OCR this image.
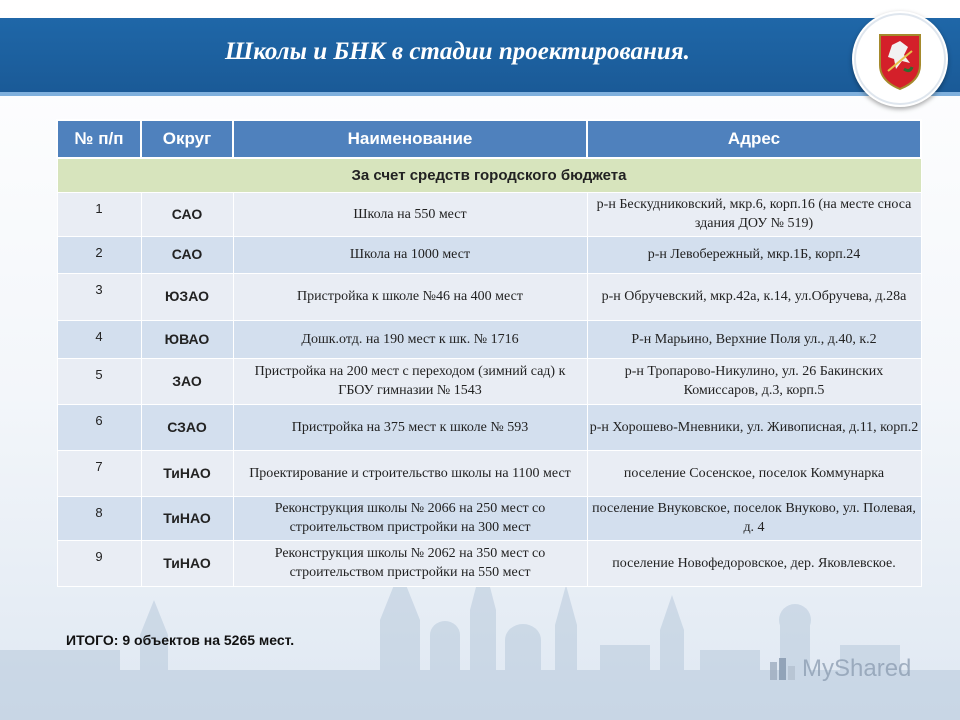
Школы и БНК в стадии проектирования.
№ п/п	Округ	Наименование	Адрес
За счет средств городского бюджета			
1	САО	Школа на 550 мест	р-н Бескудниковский, мкр.6, корп.16 (на месте сноса здания ДОУ № 519)
2	САО	Школа на 1000 мест	р-н Левобережный, мкр.1Б, корп.24
3	ЮЗАО	Пристройка к школе №46 на 400 мест	р-н Обручевский, мкр.42а, к.14, ул.Обручева, д.28а
4	ЮВАО	Дошк.отд. на 190 мест к шк. № 1716	Р-н Марьино, Верхние Поля ул., д.40, к.2
5	ЗАО	Пристройка на 200 мест с переходом (зимний сад) к ГБОУ гимназии № 1543	р-н Тропарово-Никулино, ул. 26 Бакинских Комиссаров, д.3, корп.5
6	СЗАО	Пристройка на 375 мест к школе № 593	р-н Хорошево-Мневники, ул. Живописная, д.11, корп.2
7	ТиНАО	Проектирование и строительство школы на 1100 мест	поселение Сосенское, поселок Коммунарка
8	ТиНАО	Реконструкция школы № 2066 на 250 мест со строительством пристройки на 300 мест	поселение Внуковское, поселок Внуково, ул. Полевая, д. 4
9	ТиНАО	Реконструкция школы № 2062 на 350 мест со строительством пристройки на 550 мест	поселение Новофедоровское, дер. Яковлевское.
ИТОГО: 9 объектов на 5265 мест.
MyShared
